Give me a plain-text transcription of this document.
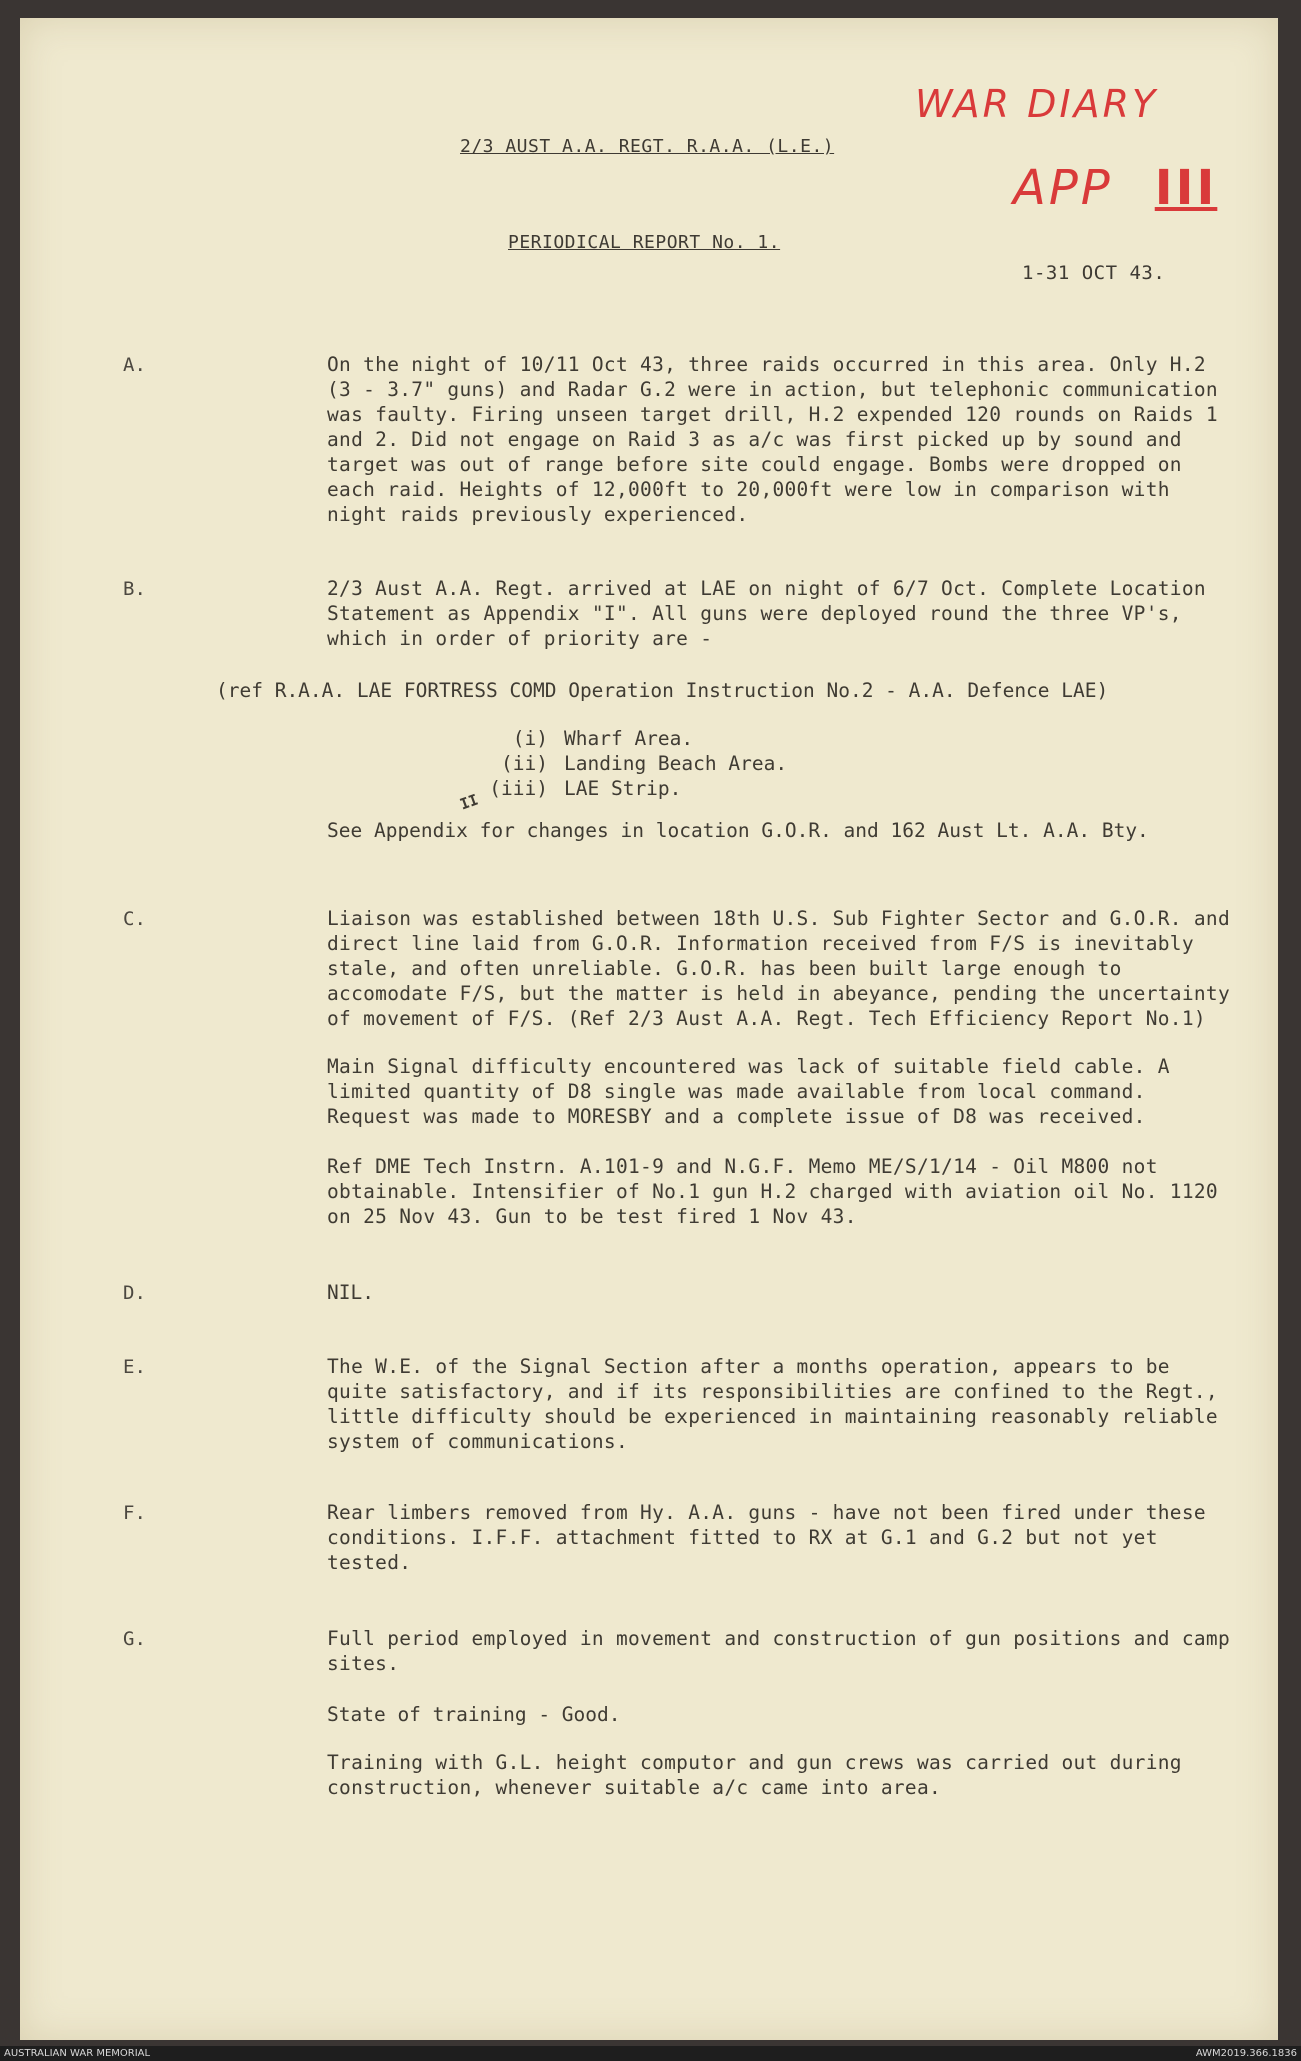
WAR DIARY
APP III
2/3 AUST A.A. REGT. R.A.A. (L.E.)
PERIODICAL REPORT No. 1.
1-31 OCT 43.
A.	On the night of 10/11 Oct 43, three raids occurred in this area. Only H.2 (3 - 3.7" guns) and Radar G.2 were in action, but telephonic communication was faulty. Firing unseen target drill, H.2 expended 120 rounds on Raids 1 and 2. Did not engage on Raid 3 as a/c was first picked up by sound and target was out of range before site could engage. Bombs were dropped on each raid. Heights of 12,000ft to 20,000ft were low in comparison with night raids previously experienced.
B.	2/3 Aust A.A. Regt. arrived at LAE on night of 6/7 Oct. Complete Location Statement as Appendix "I". All guns were deployed round the three VP's, which in order of priority are -
(ref R.A.A. LAE FORTRESS COMD Operation Instruction No.2 - A.A. Defence LAE)
(i) Wharf Area.
(ii) Landing Beach Area.
(iii) LAE Strip.
II
See Appendix for changes in location G.O.R. and 162 Aust Lt. A.A. Bty.
C.	Liaison was established between 18th U.S. Sub Fighter Sector and G.O.R. and direct line laid from G.O.R. Information received from F/S is inevitably stale, and often unreliable. G.O.R. has been built large enough to accomodate F/S, but the matter is held in abeyance, pending the uncertainty of movement of F/S. (Ref 2/3 Aust A.A. Regt. Tech Efficiency Report No.1)
Main Signal difficulty encountered was lack of suitable field cable. A limited quantity of D8 single was made available from local command. Request was made to MORESBY and a complete issue of D8 was received.
Ref DME Tech Instrn. A.101-9 and N.G.F. Memo ME/S/1/14 - Oil M800 not obtainable. Intensifier of No.1 gun H.2 charged with aviation oil No. 1120 on 25 Nov 43. Gun to be test fired 1 Nov 43.
D.	NIL.
E.	The W.E. of the Signal Section after a months operation, appears to be quite satisfactory, and if its responsibilities are confined to the Regt., little difficulty should be experienced in maintaining reasonably reliable system of communications.
F.	Rear limbers removed from Hy. A.A. guns - have not been fired under these conditions. I.F.F. attachment fitted to RX at G.1 and G.2 but not yet tested.
G.	Full period employed in movement and construction of gun positions and camp sites.
State of training - Good.
Training with G.L. height computor and gun crews was carried out during construction, whenever suitable a/c came into area.
AUSTRALIAN WAR MEMORIAL	AWM2019.366.1836
